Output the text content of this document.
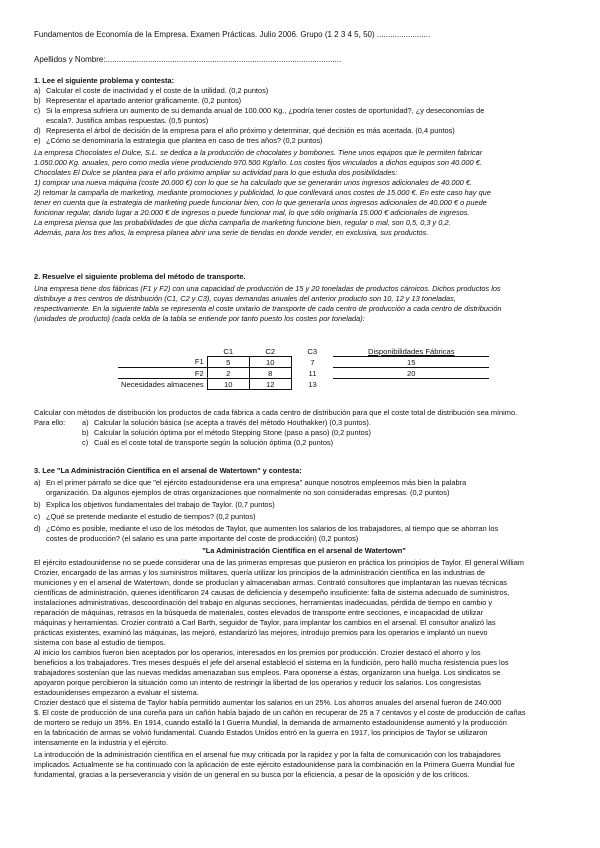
Fundamentos de Economía de la Empresa. Examen Prácticas. Julio 2006. Grupo (1 2 3 4 5, 50) ........................
Apellidos y Nombre:..........................................................................................................
1. Lee el siguiente problema y contesta:
a) Calcular el coste de inactividad y el coste de la utilidad. (0,2 puntos)
b) Representar el apartado anterior gráficamente. (0,2 puntos)
c) Si la empresa sufriera un aumento de su demanda anual de 100.000 Kg., ¿podría tener costes de oportunidad?, ¿y deseconomías de
escala?. Justifica ambas respuestas. (0,5 puntos)
d) Representa el árbol de decisión de la empresa para el año próximo y determinar, qué decisión es más acertada. (0,4 puntos)
e) ¿Cómo se denominaría la estrategia que plantea en caso de tres años? (0,2 puntos)
La empresa Chocolates el Dulce, S.L. se dedica a la producción de chocolates y bombones. Tiene unos equipos que le permiten fabricar
1.050.000 Kg. anuales, pero como media viene produciendo 970.500 Kg/año. Los costes fijos vinculados a dichos equipos son 40.000 €.
Chocolates El Dulce se plantea para el año próximo ampliar su actividad para lo que estudia dos posibilidades:
1) comprar una nueva máquina (coste 20.000 €) con lo que se ha calculado que se generarán unos ingresos adicionales de 40.000 €.
2) retomar la campaña de marketing, mediante promociones y publicidad, lo que conllevará unos costes de 15.000 €. En este caso hay que
tener en cuenta que la estrategia de marketing puede funcionar bien, con lo que generaría unos ingresos adicionales de 40.000 € o puede
funcionar regular, dando lugar a 20.000 € de ingresos o puede funcionar mal, lo que sólo originaría 15.000 € adicionales de ingresos.
La empresa piensa que las probabilidades de que dicha campaña de marketing funcione bien, regular o mal, son 0,5, 0,3 y 0,2.
Además, para los tres años, la empresa planea abrir una serie de tiendas en donde vender, en exclusiva, sus productos.
2. Resuelve el siguiente problema del método de transporte.
Una empresa tiene dos fábricas (F1 y F2) con una capacidad de producción de 15 y 20 toneladas de productos cárnicos. Dichos productos los
distribuye a tres centros de distribución (C1, C2 y C3), cuyas demandas anuales del anterior producto son 10, 12 y 13 toneladas,
respectivamente. En la siguiente tabla se representa el coste unitario de transporte de cada centro de producción a cada centro de distribución
(unidades de producto) (cada celda de la tabla se entiende por tanto puesto los costes por tonelada):
	C1	C2	C3	Disponibilidades Fábricas
F1	5	10	7	15
F2	2	8	11	20
Necesidades almacenes	10	12	13	
Calcular con métodos de distribución los productos de cada fábrica a cada centro de distribución para que el coste total de distribución sea mínimo.
Para ello: a) Calcular la solución básica (se acepta a través del método Houthakker) (0,3 puntos).
b) Calcular la solución óptima por el método Stepping Stone (paso a paso) (0,2 puntos)
c) Cuál es el coste total de transporte según la solución óptima (0,2 puntos)
3. Lee "La Administración Científica en el arsenal de Watertown" y contesta:
a) En el primer párrafo se dice que "el ejército estadounidense era una empresa" aunque nosotros empleemos más bien la palabra
organización. Da algunos ejemplos de otras organizaciones que normalmente no son consideradas empresas. (0,2 puntos)
b) Explica los objetivos fundamentales del trabajo de Taylor. (0,7 puntos)
c) ¿Qué se pretende mediante el estudio de tiempos? (0,2 puntos)
d) ¿Cómo es posible, mediante el uso de los métodos de Taylor, que aumenten los salarios de los trabajadores, al tiempo que se ahorran los
costes de producción? (el salario es una parte importante del coste de producción) (0,2 puntos)
"La Administración Científica en el arsenal de Watertown"
El ejército estadounidense no se puede considerar una de las primeras empresas que pusieron en práctica los principios de Taylor. El general William
Crozier, encargado de las armas y los suministros militares, quería utilizar los principios de la administración científica en las industrias de
municiones y en el arsenal de Watertown, donde se producían y almacenaban armas. Contrató consultores que implantaran las nuevas técnicas
científicas de administración, quienes identificaron 24 causas de deficiencia y desempeño insuficiente: falta de sistema adecuado de suministros,
instalaciones administrativas, descoordinación del trabajo en algunas secciones, herramientas inadecuadas, pérdida de tiempo en cambio y
reparación de máquinas, retrasos en la búsqueda de materiales, costes elevados de transporte entre secciones, e incapacidad de utilizar
máquinas y herramientas. Crozier contrató a Carl Barth, seguidor de Taylor, para implantar los cambios en el arsenal. El consultor analizó las
prácticas existentes, examinó las máquinas, las mejoró, estandarizó las mejores, introdujo premios para los operarios e implantó un nuevo
sistema con base al estudio de tiempos.
Al inicio los cambios fueron bien aceptados por los operarios, interesados en los premios por producción. Crozier destacó el ahorro y los
beneficios a los trabajadores. Tres meses después el jefe del arsenal estableció el sistema en la fundición, pero halló mucha resistencia pues los
trabajadores sostenían que las nuevas medidas amenazaban sus empleos. Para oponerse a éstas, organizaron una huelga. Los sindicatos se
apoyaron porque percibieron la situación como un intento de restringir la libertad de los operarios y reducir los salarios. Los congresistas
estadounidenses empezaron a evaluar el sistema.
Crozier destacó que el sistema de Taylor había permitido aumentar los salarios en un 25%. Los ahorros anuales del arsenal fueron de 240.000
$. El coste de producción de una cureña para un cañón había bajado de un cañón en recuperar de 25 a 7 centavos y el coste de producción de cañas
de mortero se redujo un 35%. En 1914, cuando estalló la I Guerra Mundial, la demanda de armamento estadounidense aumentó y la producción
en la fabricación de armas se volvió fundamental. Cuando Estados Unidos entró en la guerra en 1917, los principios de Taylor se utilizaron
intensamente en la industria y el ejército.
La introducción de la administración científica en el arsenal fue muy criticada por la rapidez y por la falta de comunicación con los trabajadores
implicados. Actualmente se ha continuado con la aplicación de este ejército estadounidense para la combinación en la Primera Guerra Mundial fue
fundamental, gracias a la perseverancia y visión de un general en su busca por la eficiencia, a pesar de la oposición y de los críticos.
